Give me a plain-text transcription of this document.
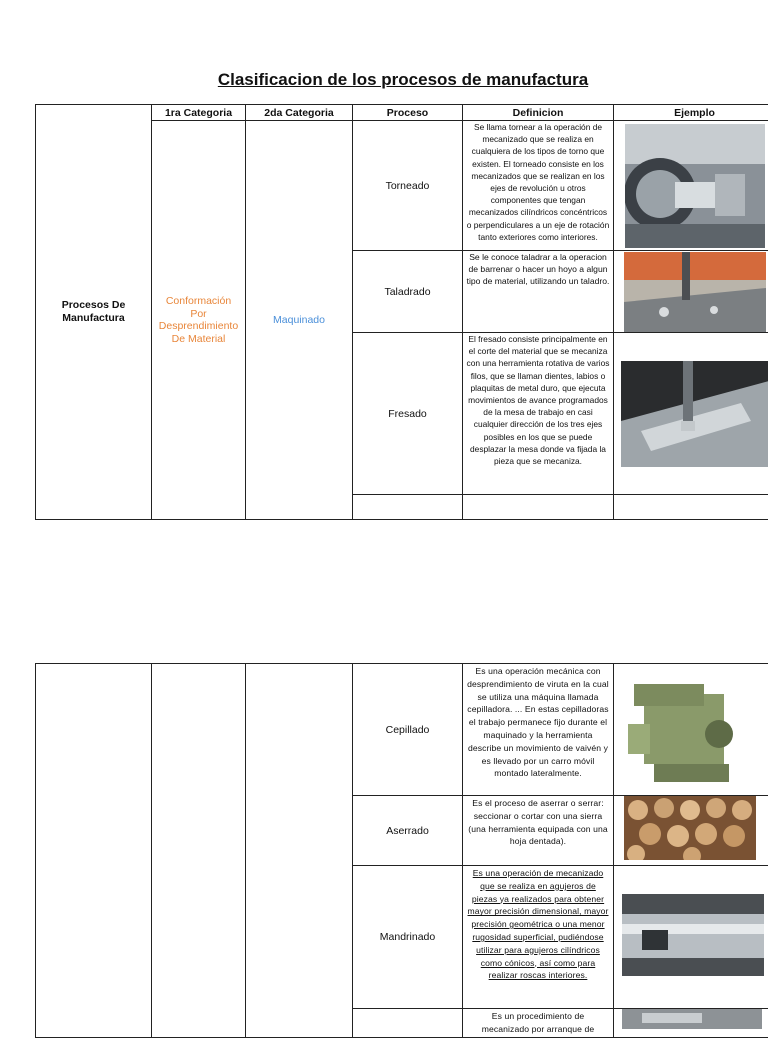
Clasificacion de los procesos de manufactura
Procesos De Manufactura	1ra Categoria	2da Categoria	Proceso	Definicion	Ejemplo

	Conformación Por Desprendimiento De Material	Maquinado	Torneado	Se llama tornear a la operación de mecanizado que se realiza en cualquiera de los tipos de torno que existen. El torneado consiste en los mecanizados que se realizan en los ejes de revolución u otros componentes que tengan mecanizados cilíndricos concéntricos o perpendiculares a un eje de rotación tanto exteriores como interiores.	

			Taladrado	Se le conoce taladrar a la operacion de barrenar o hacer un hoyo a algun tipo de material, utilizando un taladro.	

			Fresado	El fresado consiste principalmente en el corte del material que se mecaniza con una herramienta rotativa de varios filos, que se llaman dientes, labios o plaquitas de metal duro, que ejecuta movimientos de avance programados de la mesa de trabajo en casi cualquier dirección de los tres ejes posibles en los que se puede desplazar la mesa donde va fijada la pieza que se mecaniza.	

			Cepillado	Es una operación mecánica con desprendimiento de viruta en la cual se utiliza una máquina llamada cepilladora. ... En estas cepilladoras el trabajo permanece fijo durante el maquinado y la herramienta describe un movimiento de vaivén y es llevado por un carro móvil montado lateralmente.	
			Aserrado	Es el proceso de aserrar o serrar: seccionar o cortar con una sierra (una herramienta equipada con una hoja dentada).	
			Mandrinado	Es una operación de mecanizado que se realiza en agujeros de piezas ya realizados para obtener mayor precisión dimensional, mayor precisión geométrica o una menor rugosidad superficial, pudiéndose utilizar para agujeros cilíndricos como cónicos, así como para realizar roscas interiores.	
				Es un procedimiento de mecanizado por arranque de	
